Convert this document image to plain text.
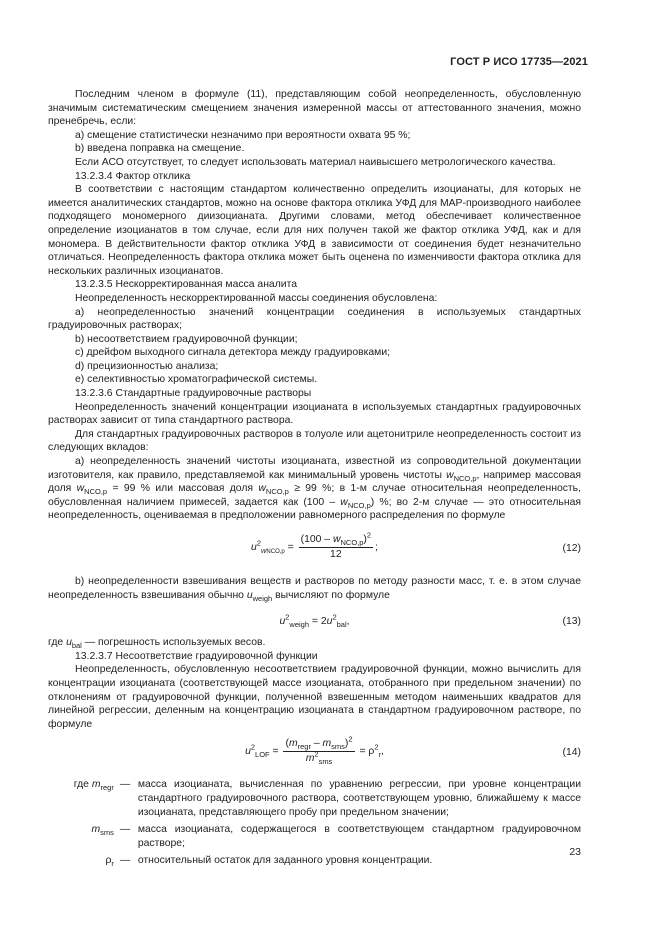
ГОСТ Р ИСО 17735—2021

Последним членом в формуле (11), представляющим собой неопределенность, обусловленную значимым систематическим смещением значения измеренной массы от аттестованного значения, можно пренебречь, если:

a) смещение статистически незначимо при вероятности охвата 95 %;

b) введена поправка на смещение.

Если АСО отсутствует, то следует использовать материал наивысшего метрологического качества.

13.2.3.4 Фактор отклика

В соответствии с настоящим стандартом количественно определить изоцианаты, для которых не имеется аналитических стандартов, можно на основе фактора отклика УФД для МАР-производного наиболее подходящего мономерного диизоцианата. Другими словами, метод обеспечивает количественное определение изоцианатов в том случае, если для них получен такой же фактор отклика УФД, как и для мономера. В действительности фактор отклика УФД в зависимости от соединения будет незначительно отличаться. Неопределенность фактора отклика может быть оценена по изменчивости фактора отклика для нескольких различных изоцианатов.

13.2.3.5 Нескорректированная масса аналита

Неопределенность нескорректированной массы соединения обусловлена:

a) неопределенностью значений концентрации соединения в используемых стандартных градуировочных растворах;

b) несоответствием градуировочной функции;

c) дрейфом выходного сигнала детектора между градуировками;

d) прецизионностью анализа;

e) селективностью хроматографической системы.

13.2.3.6 Стандартные градуировочные растворы

Неопределенность значений концентрации изоцианата в используемых стандартных градуировочных растворах зависит от типа стандартного раствора.

Для стандартных градуировочных растворов в толуоле или ацетонитриле неопределенность состоит из следующих вкладов:

a) неопределенность значений чистоты изоцианата, известной из сопроводительной документации изготовителя, как правило, представляемой как минимальный уровень чистоты $w_{NCO,p}$, например массовая доля $w_{NCO,p} = 99$ % или массовая доля $w_{NCO,p} \ge 99$ %; в 1-м случае относительная неопределенность, обусловленная наличием примесей, задается как $(100 - w_{NCO,p})$ %; во 2-м случае — это относительная неопределенность, оцениваемая в предположении равномерного распределения по формуле

$u^2_{wNCO,p} = \frac{(100 - w_{NCO,p})^2}{12}$ ;	(12)

b) неопределенности взвешивания веществ и растворов по методу разности масс, т. е. в этом случае неопределенность взвешивания обычно $u_{weigh}$ вычисляют по формуле

$u^2_{weigh} = 2u^2_{bal}$,	(13)

где $u_{bal}$ — погрешность используемых весов.

13.2.3.7 Несоответствие градуировочной функции

Неопределенность, обусловленную несоответствием градуировочной функции, можно вычислить для концентрации изоцианата (соответствующей массе изоцианата, отобранного при предельном значении) по отклонениям от градуировочной функции, полученной взвешенным методом наименьших квадратов для линейной регрессии, деленным на концентрацию изоцианата в стандартном градуировочном растворе, по формуле

$u^2_{LOF} = \frac{(m_{regr} - m_{sms})^2}{m^2_{sms}} = \rho^2_r$,	(14)
где $m_{regr}$	—	масса изоцианата, вычисленная по уравнению регрессии, при уровне концентрации стандартного градуировочного раствора, соответствующем уровню, ближайшему к массе изоцианата, представляющего пробу при предельном значении;
$m_{sms}$	—	масса изоцианата, содержащегося в соответствующем стандартном градуировочном растворе;
$\rho_r$	—	относительный остаток для заданного уровня концентрации.
23
